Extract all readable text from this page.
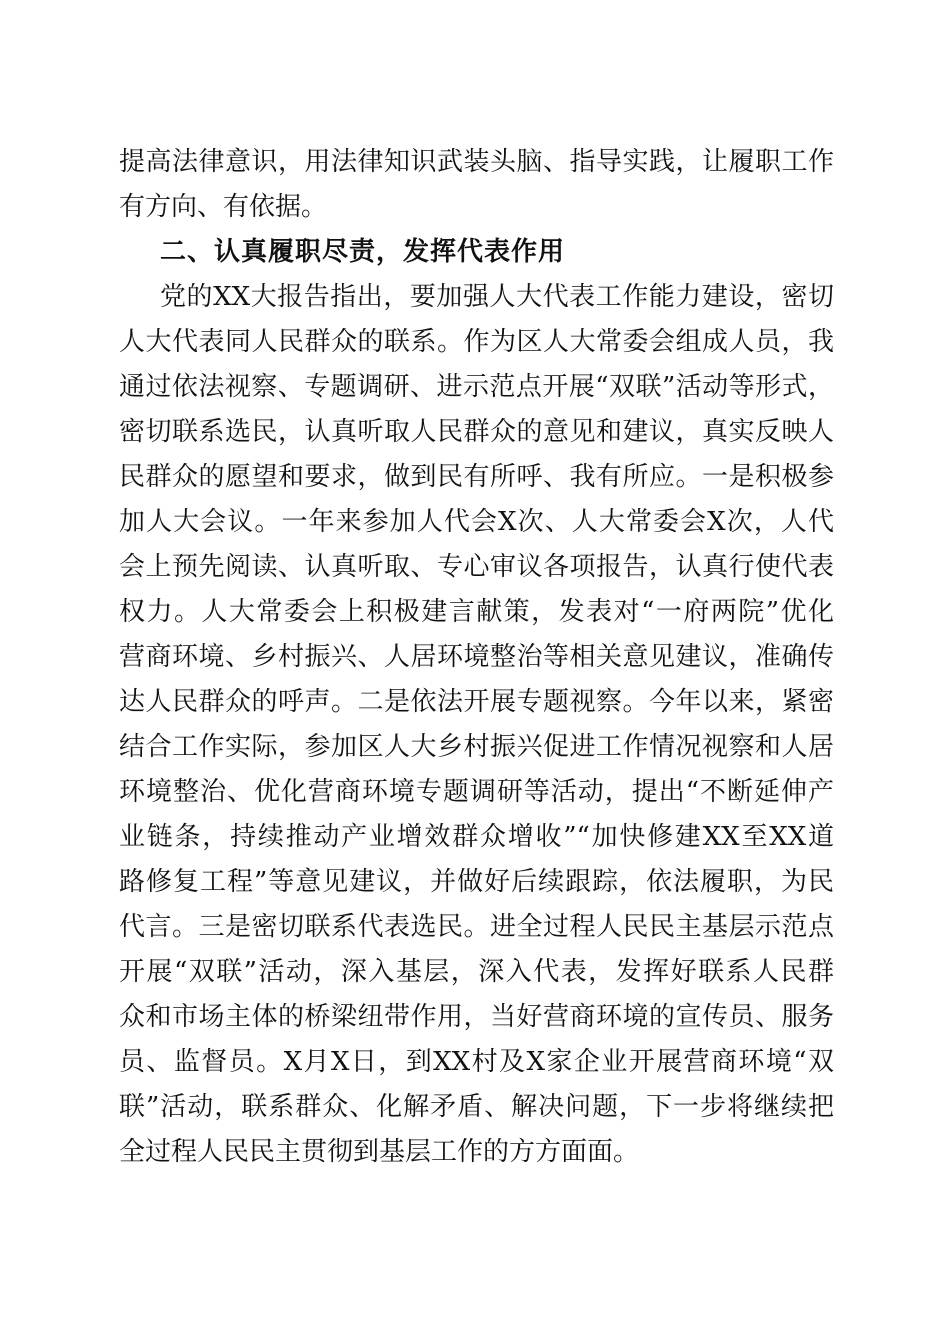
提高法律意识，用法律知识武装头脑、指导实践，让履职工作
有方向、有依据。
二、认真履职尽责，发挥代表作用
党的XX大报告指出，要加强人大代表工作能力建设，密切
人大代表同人民群众的联系。作为区人大常委会组成人员，我
通过依法视察、专题调研、进示范点开展“双联”活动等形式，
密切联系选民，认真听取人民群众的意见和建议，真实反映人
民群众的愿望和要求，做到民有所呼、我有所应。一是积极参
加人大会议。一年来参加人代会X次、人大常委会X次，人代
会上预先阅读、认真听取、专心审议各项报告，认真行使代表
权力。人大常委会上积极建言献策，发表对“一府两院”优化
营商环境、乡村振兴、人居环境整治等相关意见建议，准确传
达人民群众的呼声。二是依法开展专题视察。今年以来，紧密
结合工作实际，参加区人大乡村振兴促进工作情况视察和人居
环境整治、优化营商环境专题调研等活动，提出“不断延伸产
业链条，持续推动产业增效群众增收”“加快修建XX至XX道
路修复工程”等意见建议，并做好后续跟踪，依法履职，为民
代言。三是密切联系代表选民。进全过程人民民主基层示范点
开展“双联”活动，深入基层，深入代表，发挥好联系人民群
众和市场主体的桥梁纽带作用，当好营商环境的宣传员、服务
员、监督员。X月X日，到XX村及X家企业开展营商环境“双
联”活动，联系群众、化解矛盾、解决问题，下一步将继续把
全过程人民民主贯彻到基层工作的方方面面。
